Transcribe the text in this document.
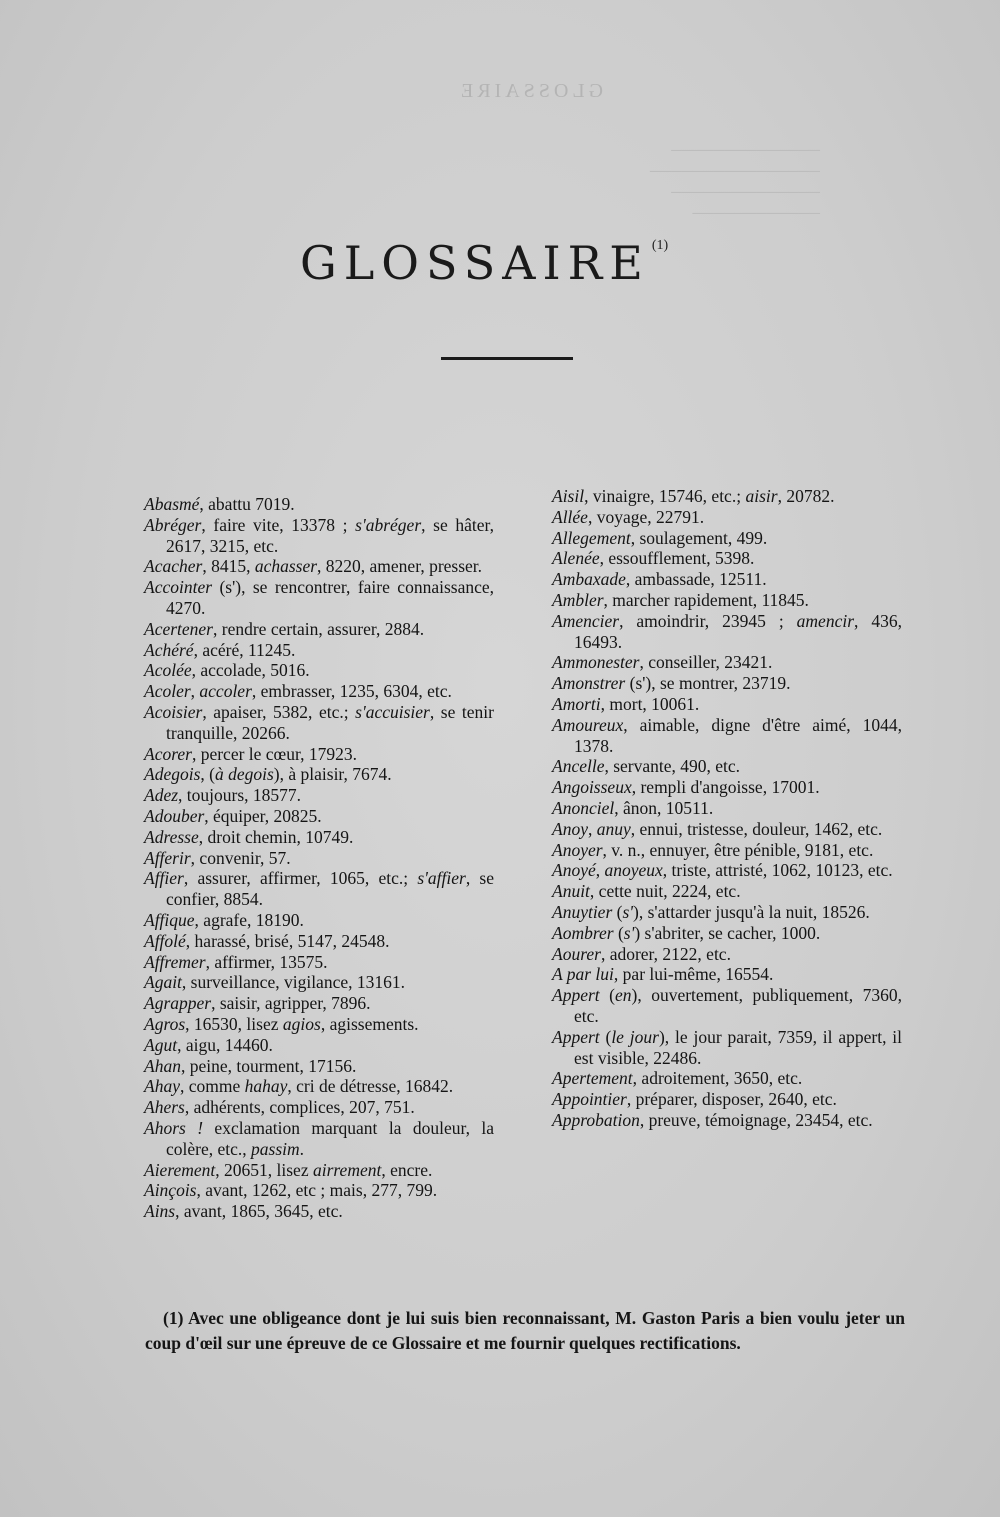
GLOSSAIRE

──────────────
────────────────
──────────────
────────────

GLOSSAIRE (1)

Abasmé, abattu 7019.

Abréger, faire vite, 13378 ; s'abréger, se hâter, 2617, 3215, etc.

Acacher, 8415, achasser, 8220, amener, presser.

Accointer (s'), se rencontrer, faire connaissance, 4270.

Acertener, rendre certain, assurer, 2884.

Achéré, acéré, 11245.

Acolée, accolade, 5016.

Acoler, accoler, embrasser, 1235, 6304, etc.

Acoisier, apaiser, 5382, etc.; s'accuisier, se tenir tranquille, 20266.

Acorer, percer le cœur, 17923.

Adegois, (à degois), à plaisir, 7674.

Adez, toujours, 18577.

Adouber, équiper, 20825.

Adresse, droit chemin, 10749.

Afferir, convenir, 57.

Affier, assurer, affirmer, 1065, etc.; s'affier, se confier, 8854.

Affique, agrafe, 18190.

Affolé, harassé, brisé, 5147, 24548.

Affremer, affirmer, 13575.

Agait, surveillance, vigilance, 13161.

Agrapper, saisir, agripper, 7896.

Agros, 16530, lisez agios, agissements.

Agut, aigu, 14460.

Ahan, peine, tourment, 17156.

Ahay, comme hahay, cri de détresse, 16842.

Ahers, adhérents, complices, 207, 751.

Ahors ! exclamation marquant la douleur, la colère, etc., passim.

Aierement, 20651, lisez airrement, encre.

Ainçois, avant, 1262, etc ; mais, 277, 799.

Ains, avant, 1865, 3645, etc.

Aisil, vinaigre, 15746, etc.; aisir, 20782.

Allée, voyage, 22791.

Allegement, soulagement, 499.

Alenée, essoufflement, 5398.

Ambaxade, ambassade, 12511.

Ambler, marcher rapidement, 11845.

Amencier, amoindrir, 23945 ; amencir, 436, 16493.

Ammonester, conseiller, 23421.

Amonstrer (s'), se montrer, 23719.

Amorti, mort, 10061.

Amoureux, aimable, digne d'être aimé, 1044, 1378.

Ancelle, servante, 490, etc.

Angoisseux, rempli d'angoisse, 17001.

Anonciel, ânon, 10511.

Anoy, anuy, ennui, tristesse, douleur, 1462, etc.

Anoyer, v. n., ennuyer, être pénible, 9181, etc.

Anoyé, anoyeux, triste, attristé, 1062, 10123, etc.

Anuit, cette nuit, 2224, etc.

Anuytier (s'), s'attarder jusqu'à la nuit, 18526.

Aombrer (s') s'abriter, se cacher, 1000.

Aourer, adorer, 2122, etc.

A par lui, par lui-même, 16554.

Appert (en), ouvertement, publiquement, 7360, etc.

Appert (le jour), le jour parait, 7359, il appert, il est visible, 22486.

Apertement, adroitement, 3650, etc.

Appointier, préparer, disposer, 2640, etc.

Approbation, preuve, témoignage, 23454, etc.

(1) Avec une obligeance dont je lui suis bien reconnaissant, M. Gaston Paris a bien voulu jeter un coup d'œil sur une épreuve de ce Glossaire et me fournir quelques rectifications.
